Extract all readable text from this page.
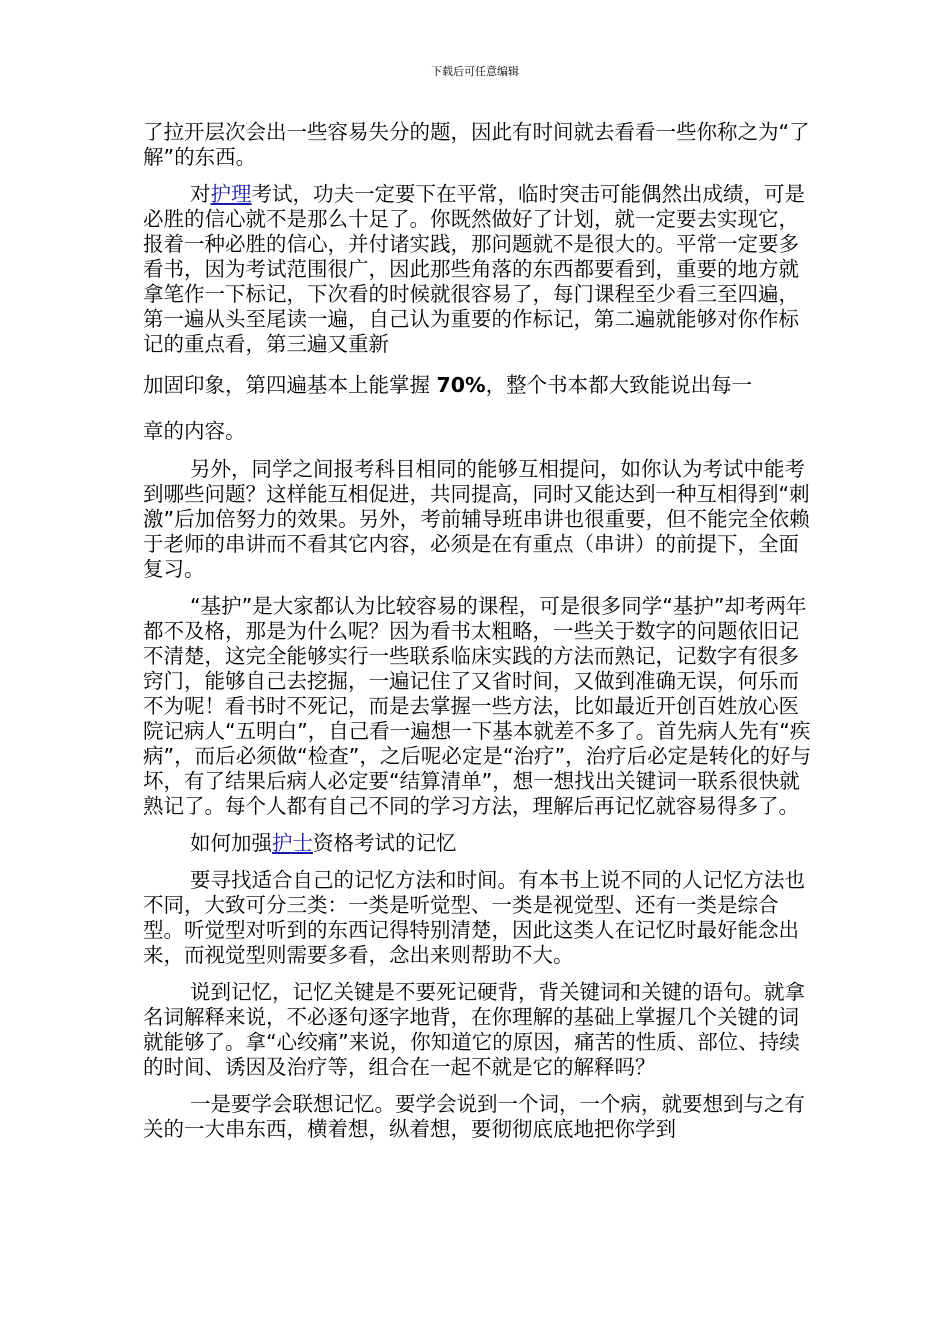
下载后可任意编辑

了拉开层次会出一些容易失分的题，因此有时间就去看看一些你称之为“了解”的东西。

对护理考试，功夫一定要下在平常，临时突击可能偶然出成绩，可是必胜的信心就不是那么十足了。你既然做好了计划，就一定要去实现它，报着一种必胜的信心，并付诸实践，那问题就不是很大的。平常一定要多看书，因为考试范围很广，因此那些角落的东西都要看到，重要的地方就拿笔作一下标记，下次看的时候就很容易了，每门课程至少看三至四遍，第一遍从头至尾读一遍，自己认为重要的作标记，第二遍就能够对你作标记的重点看，第三遍又重新

加固印象，第四遍基本上能掌握 70%，整个书本都大致能说出每一

章的内容。

另外，同学之间报考科目相同的能够互相提问，如你认为考试中能考到哪些问题？这样能互相促进，共同提高，同时又能达到一种互相得到“刺激”后加倍努力的效果。另外，考前辅导班串讲也很重要，但不能完全依赖于老师的串讲而不看其它内容，必须是在有重点（串讲）的前提下，全面复习。

“基护”是大家都认为比较容易的课程，可是很多同学“基护”却考两年都不及格，那是为什么呢？因为看书太粗略，一些关于数字的问题依旧记不清楚，这完全能够实行一些联系临床实践的方法而熟记，记数字有很多窍门，能够自己去挖掘，一遍记住了又省时间，又做到准确无误，何乐而不为呢！看书时不死记，而是去掌握一些方法，比如最近开创百姓放心医院记病人“五明白”，自己看一遍想一下基本就差不多了。首先病人先有“疾病”，而后必须做“检查”，之后呢必定是“治疗”，治疗后必定是转化的好与坏，有了结果后病人必定要“结算清单”，想一想找出关键词一联系很快就熟记了。每个人都有自己不同的学习方法，理解后再记忆就容易得多了。

如何加强护士资格考试的记忆

要寻找适合自己的记忆方法和时间。有本书上说不同的人记忆方法也不同，大致可分三类：一类是听觉型、一类是视觉型、还有一类是综合型。听觉型对听到的东西记得特别清楚，因此这类人在记忆时最好能念出来，而视觉型则需要多看，念出来则帮助不大。

说到记忆，记忆关键是不要死记硬背，背关键词和关键的语句。就拿名词解释来说，不必逐句逐字地背，在你理解的基础上掌握几个关键的词就能够了。拿“心绞痛”来说，你知道它的原因，痛苦的性质、部位、持续的时间、诱因及治疗等，组合在一起不就是它的解释吗？

一是要学会联想记忆。要学会说到一个词，一个病，就要想到与之有关的一大串东西，横着想，纵着想，要彻彻底底地把你学到
